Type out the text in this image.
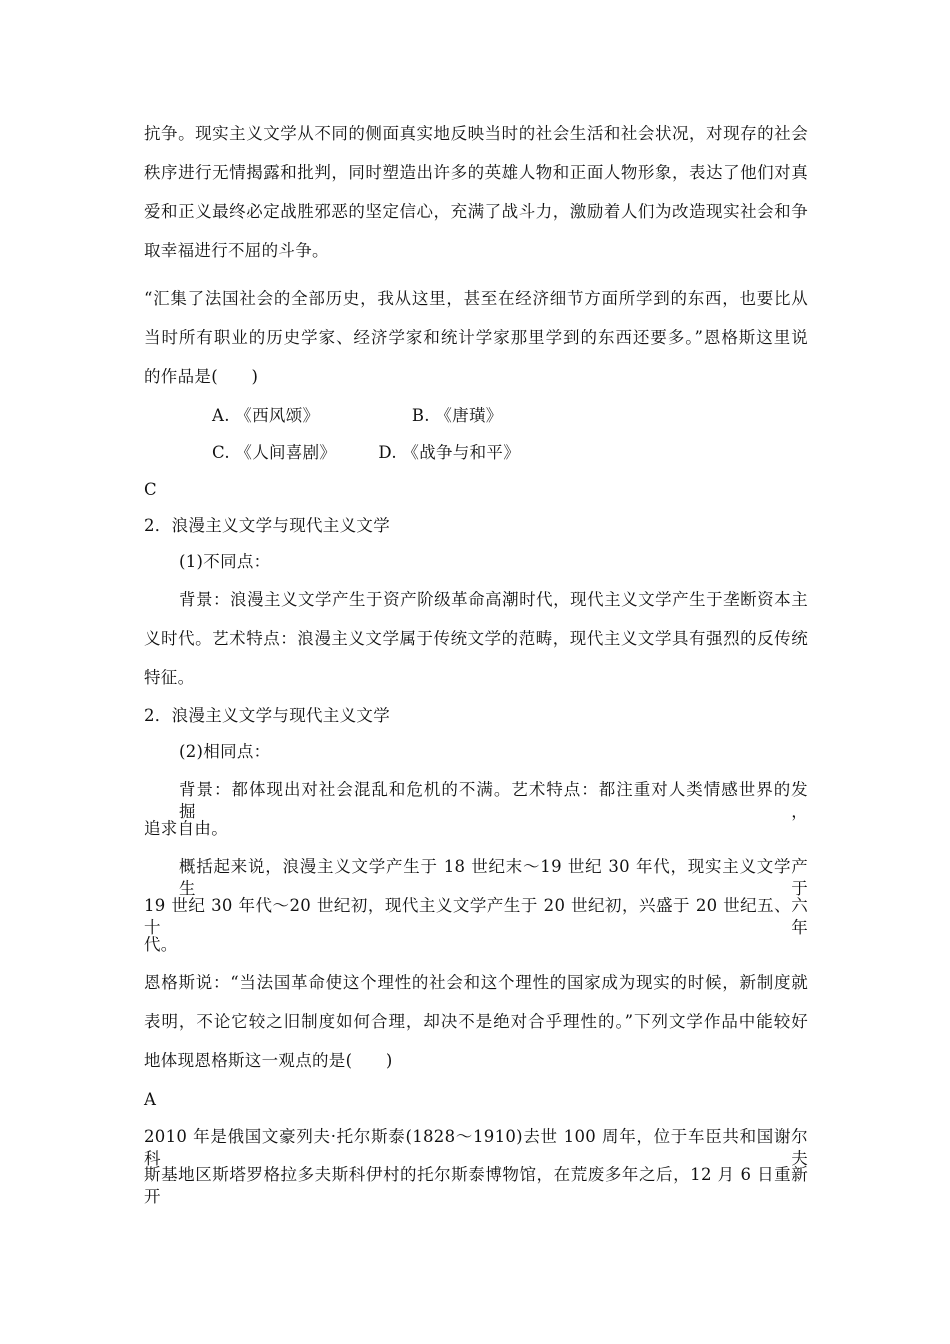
抗争。现实主义文学从不同的侧面真实地反映当时的社会生活和社会状况，对现存的社会
秩序进行无情揭露和批判，同时塑造出许多的英雄人物和正面人物形象，表达了他们对真
爱和正义最终必定战胜邪恶的坚定信心，充满了战斗力，激励着人们为改造现实社会和争
取幸福进行不屈的斗争。
“汇集了法国社会的全部历史，我从这里，甚至在经济细节方面所学到的东西，也要比从
当时所有职业的历史学家、经济学家和统计学家那里学到的东西还要多。”恩格斯这里说
的作品是(　　)
A. 《西风颂》　　　　　　B. 《唐璜》
C. 《人间喜剧》　　　D. 《战争与和平》
C
2．浪漫主义文学与现代主义文学
(1)不同点：
背景：浪漫主义文学产生于资产阶级革命高潮时代，现代主义文学产生于垄断资本主
义时代。艺术特点：浪漫主义文学属于传统文学的范畴，现代主义文学具有强烈的反传统
特征。
2．浪漫主义文学与现代主义文学
(2)相同点：
背景：都体现出对社会混乱和危机的不满。艺术特点：都注重对人类情感世界的发掘，
追求自由。
概括起来说，浪漫主义文学产生于 18 世纪末～19 世纪 30 年代，现实主义文学产生于
19 世纪 30 年代～20 世纪初，现代主义文学产生于 20 世纪初，兴盛于 20 世纪五、六十年
代。
恩格斯说：“当法国革命使这个理性的社会和这个理性的国家成为现实的时候，新制度就
表明，不论它较之旧制度如何合理，却决不是绝对合乎理性的。”下列文学作品中能较好
地体现恩格斯这一观点的是(　　)
A
2010 年是俄国文豪列夫·托尔斯泰(1828～1910)去世 100 周年，位于车臣共和国谢尔科夫
斯基地区斯塔罗格拉多夫斯科伊村的托尔斯泰博物馆，在荒废多年之后，12 月 6 日重新开
